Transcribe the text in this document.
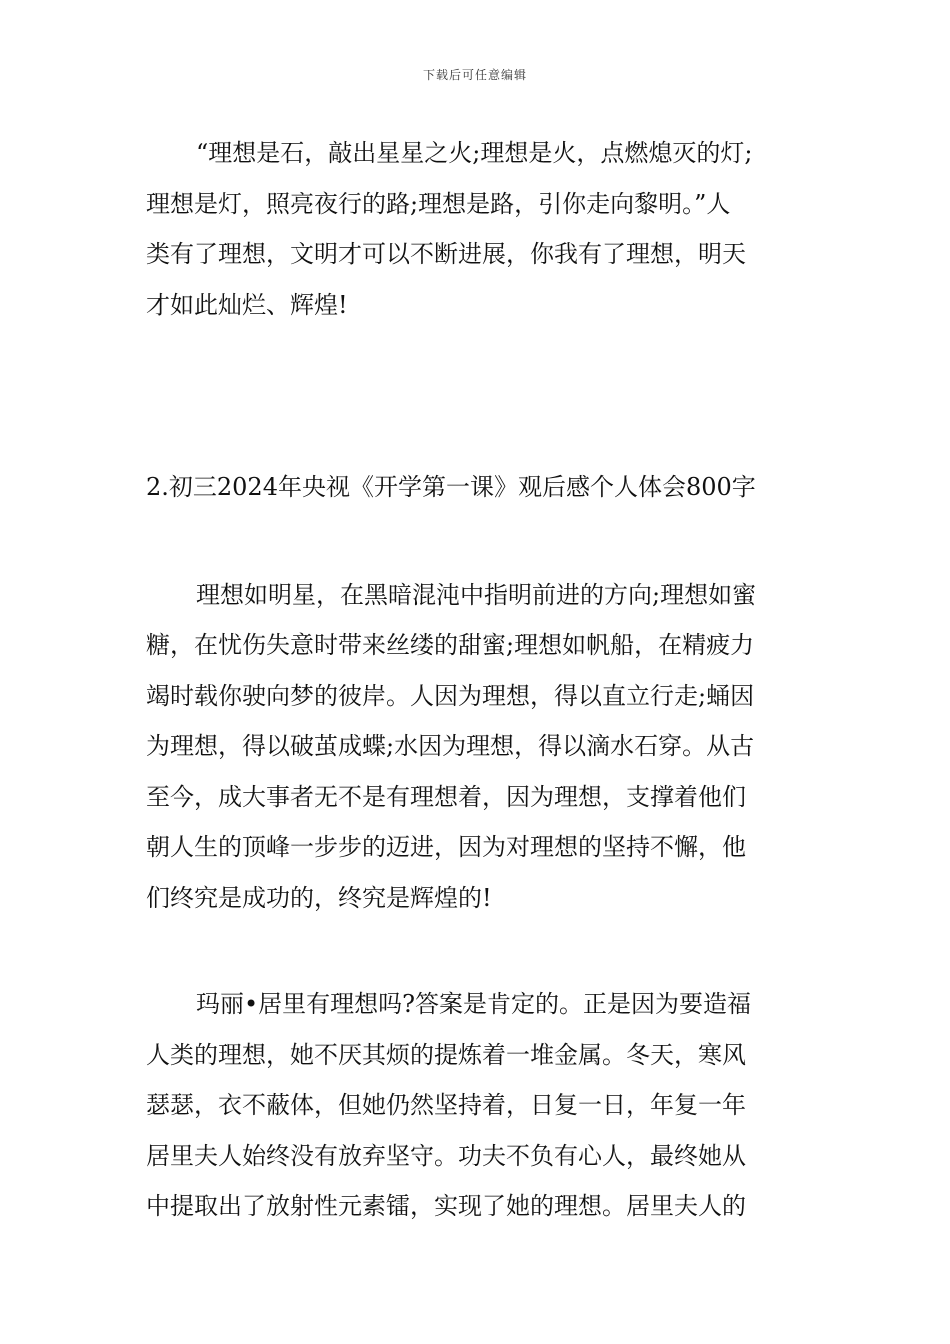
下载后可任意编辑
“理想是石，敲出星星之火;理想是火，点燃熄灭的灯;
理想是灯，照亮夜行的路;理想是路，引你走向黎明。”人
类有了理想，文明才可以不断进展，你我有了理想，明天
才如此灿烂、辉煌!
2.初三2024年央视《开学第一课》观后感个人体会800字
理想如明星，在黑暗混沌中指明前进的方向;理想如蜜
糖，在忧伤失意时带来丝缕的甜蜜;理想如帆船，在精疲力
竭时载你驶向梦的彼岸。人因为理想，得以直立行走;蛹因
为理想，得以破茧成蝶;水因为理想，得以滴水石穿。从古
至今，成大事者无不是有理想着，因为理想，支撑着他们
朝人生的顶峰一步步的迈进，因为对理想的坚持不懈，他
们终究是成功的，终究是辉煌的!
玛丽•居里有理想吗?答案是肯定的。正是因为要造福
人类的理想，她不厌其烦的提炼着一堆金属。冬天，寒风
瑟瑟，衣不蔽体，但她仍然坚持着，日复一日，年复一年
居里夫人始终没有放弃坚守。功夫不负有心人，最终她从
中提取出了放射性元素镭，实现了她的理想。居里夫人的
